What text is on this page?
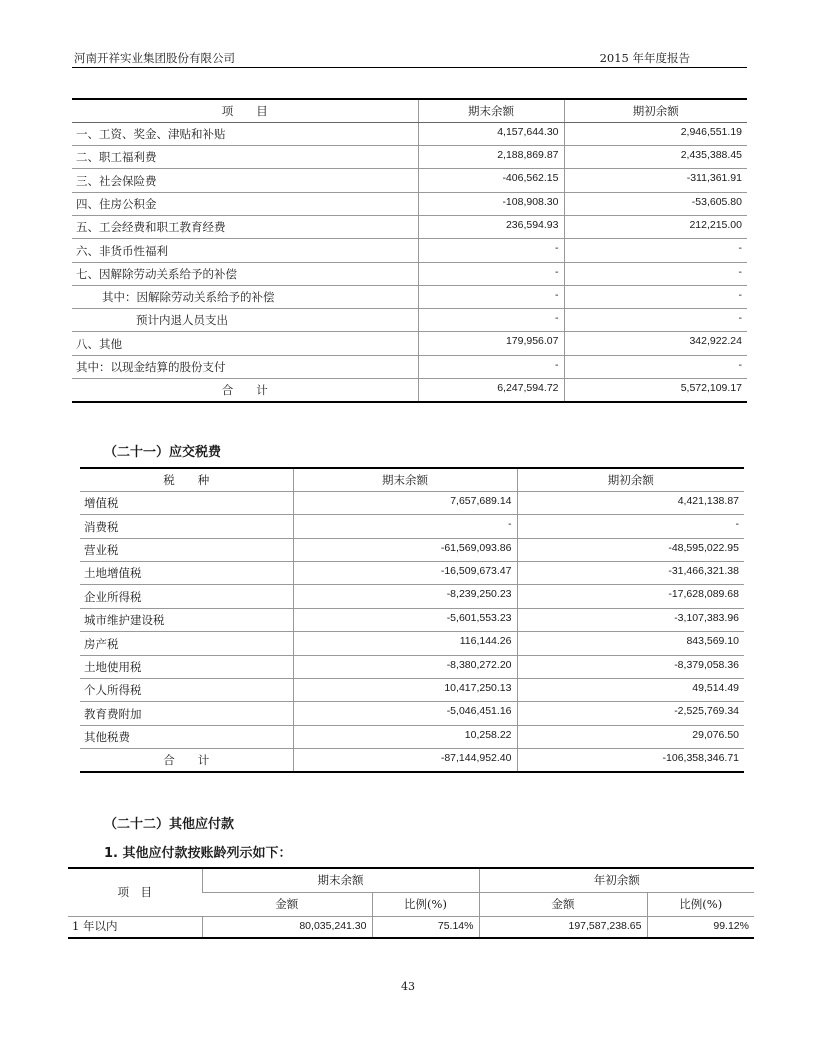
河南开祥实业集团股份有限公司	2015 年年度报告
项　　目	期末余额	期初余额
一、工资、奖金、津贴和补贴	4,157,644.30	2,946,551.19
二、职工福利费	2,188,869.87	2,435,388.45
三、社会保险费	-406,562.15	-311,361.91
四、住房公积金	-108,908.30	-53,605.80
五、工会经费和职工教育经费	236,594.93	212,215.00
六、非货币性福利	-	-
七、因解除劳动关系给予的补偿	-	-
其中：因解除劳动关系给予的补偿	-	-
预计内退人员支出	-	-
八、其他	179,956.07	342,922.24
其中：以现金结算的股份支付	-	-
合　　计	6,247,594.72	5,572,109.17
（二十一）应交税费
税　　种	期末余额	期初余额
增值税	7,657,689.14	4,421,138.87
消费税	-	-
营业税	-61,569,093.86	-48,595,022.95
土地增值税	-16,509,673.47	-31,466,321.38
企业所得税	-8,239,250.23	-17,628,089.68
城市维护建设税	-5,601,553.23	-3,107,383.96
房产税	116,144.26	843,569.10
土地使用税	-8,380,272.20	-8,379,058.36
个人所得税	10,417,250.13	49,514.49
教育费附加	-5,046,451.16	-2,525,769.34
其他税费	10,258.22	29,076.50
合　　计	-87,144,952.40	-106,358,346.71
（二十二）其他应付款
1. 其他应付款按账龄列示如下：
项　目	期末余额		年初余额	
	金额	比例(%)	金额	比例(%)
1 年以内	80,035,241.30	75.14%	197,587,238.65	99.12%
43
